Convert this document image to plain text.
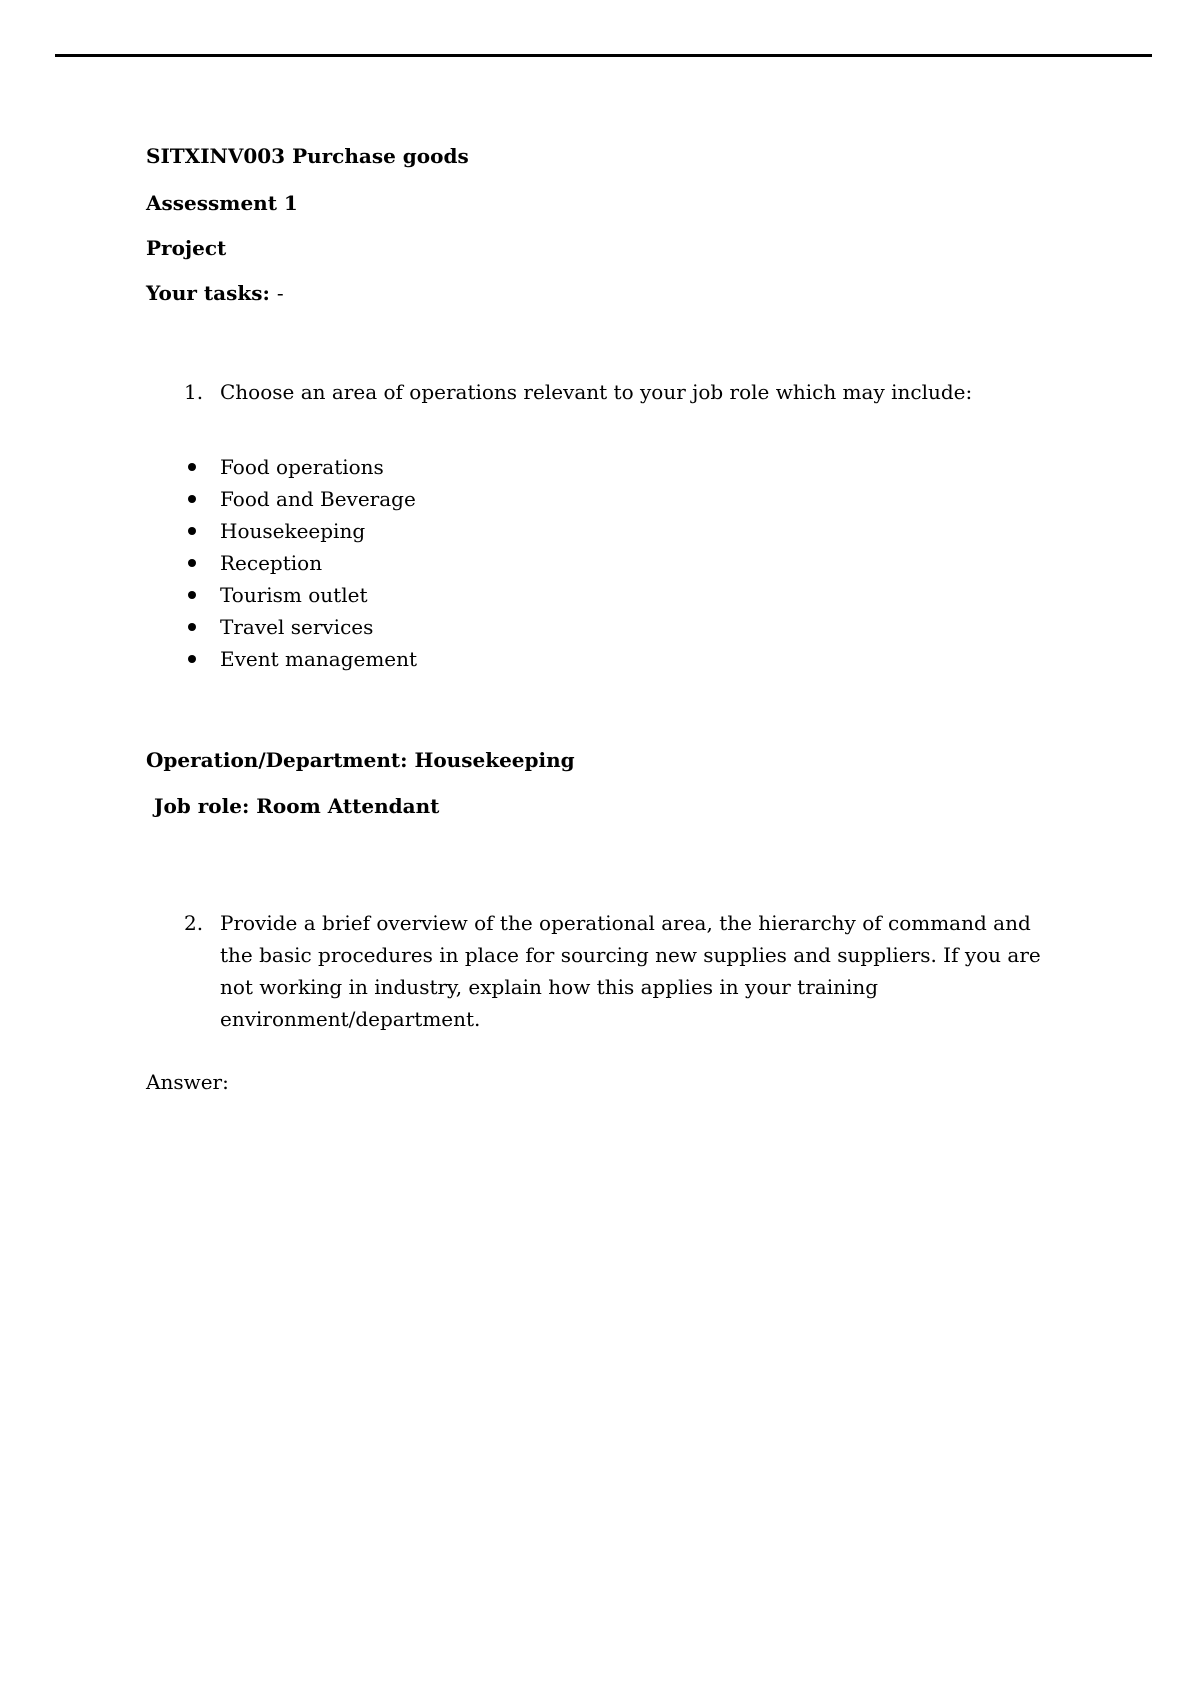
SITXINV003 Purchase goods
Assessment 1
Project
Your tasks: -
1. Choose an area of operations relevant to your job role which may include:
Food operations
Food and Beverage
Housekeeping
Reception
Tourism outlet
Travel services
Event management
Operation/Department: Housekeeping
Job role: Room Attendant
2. Provide a brief overview of the operational area, the hierarchy of command and the basic procedures in place for sourcing new supplies and suppliers. If you are not working in industry, explain how this applies in your training environment/department.
Answer:
